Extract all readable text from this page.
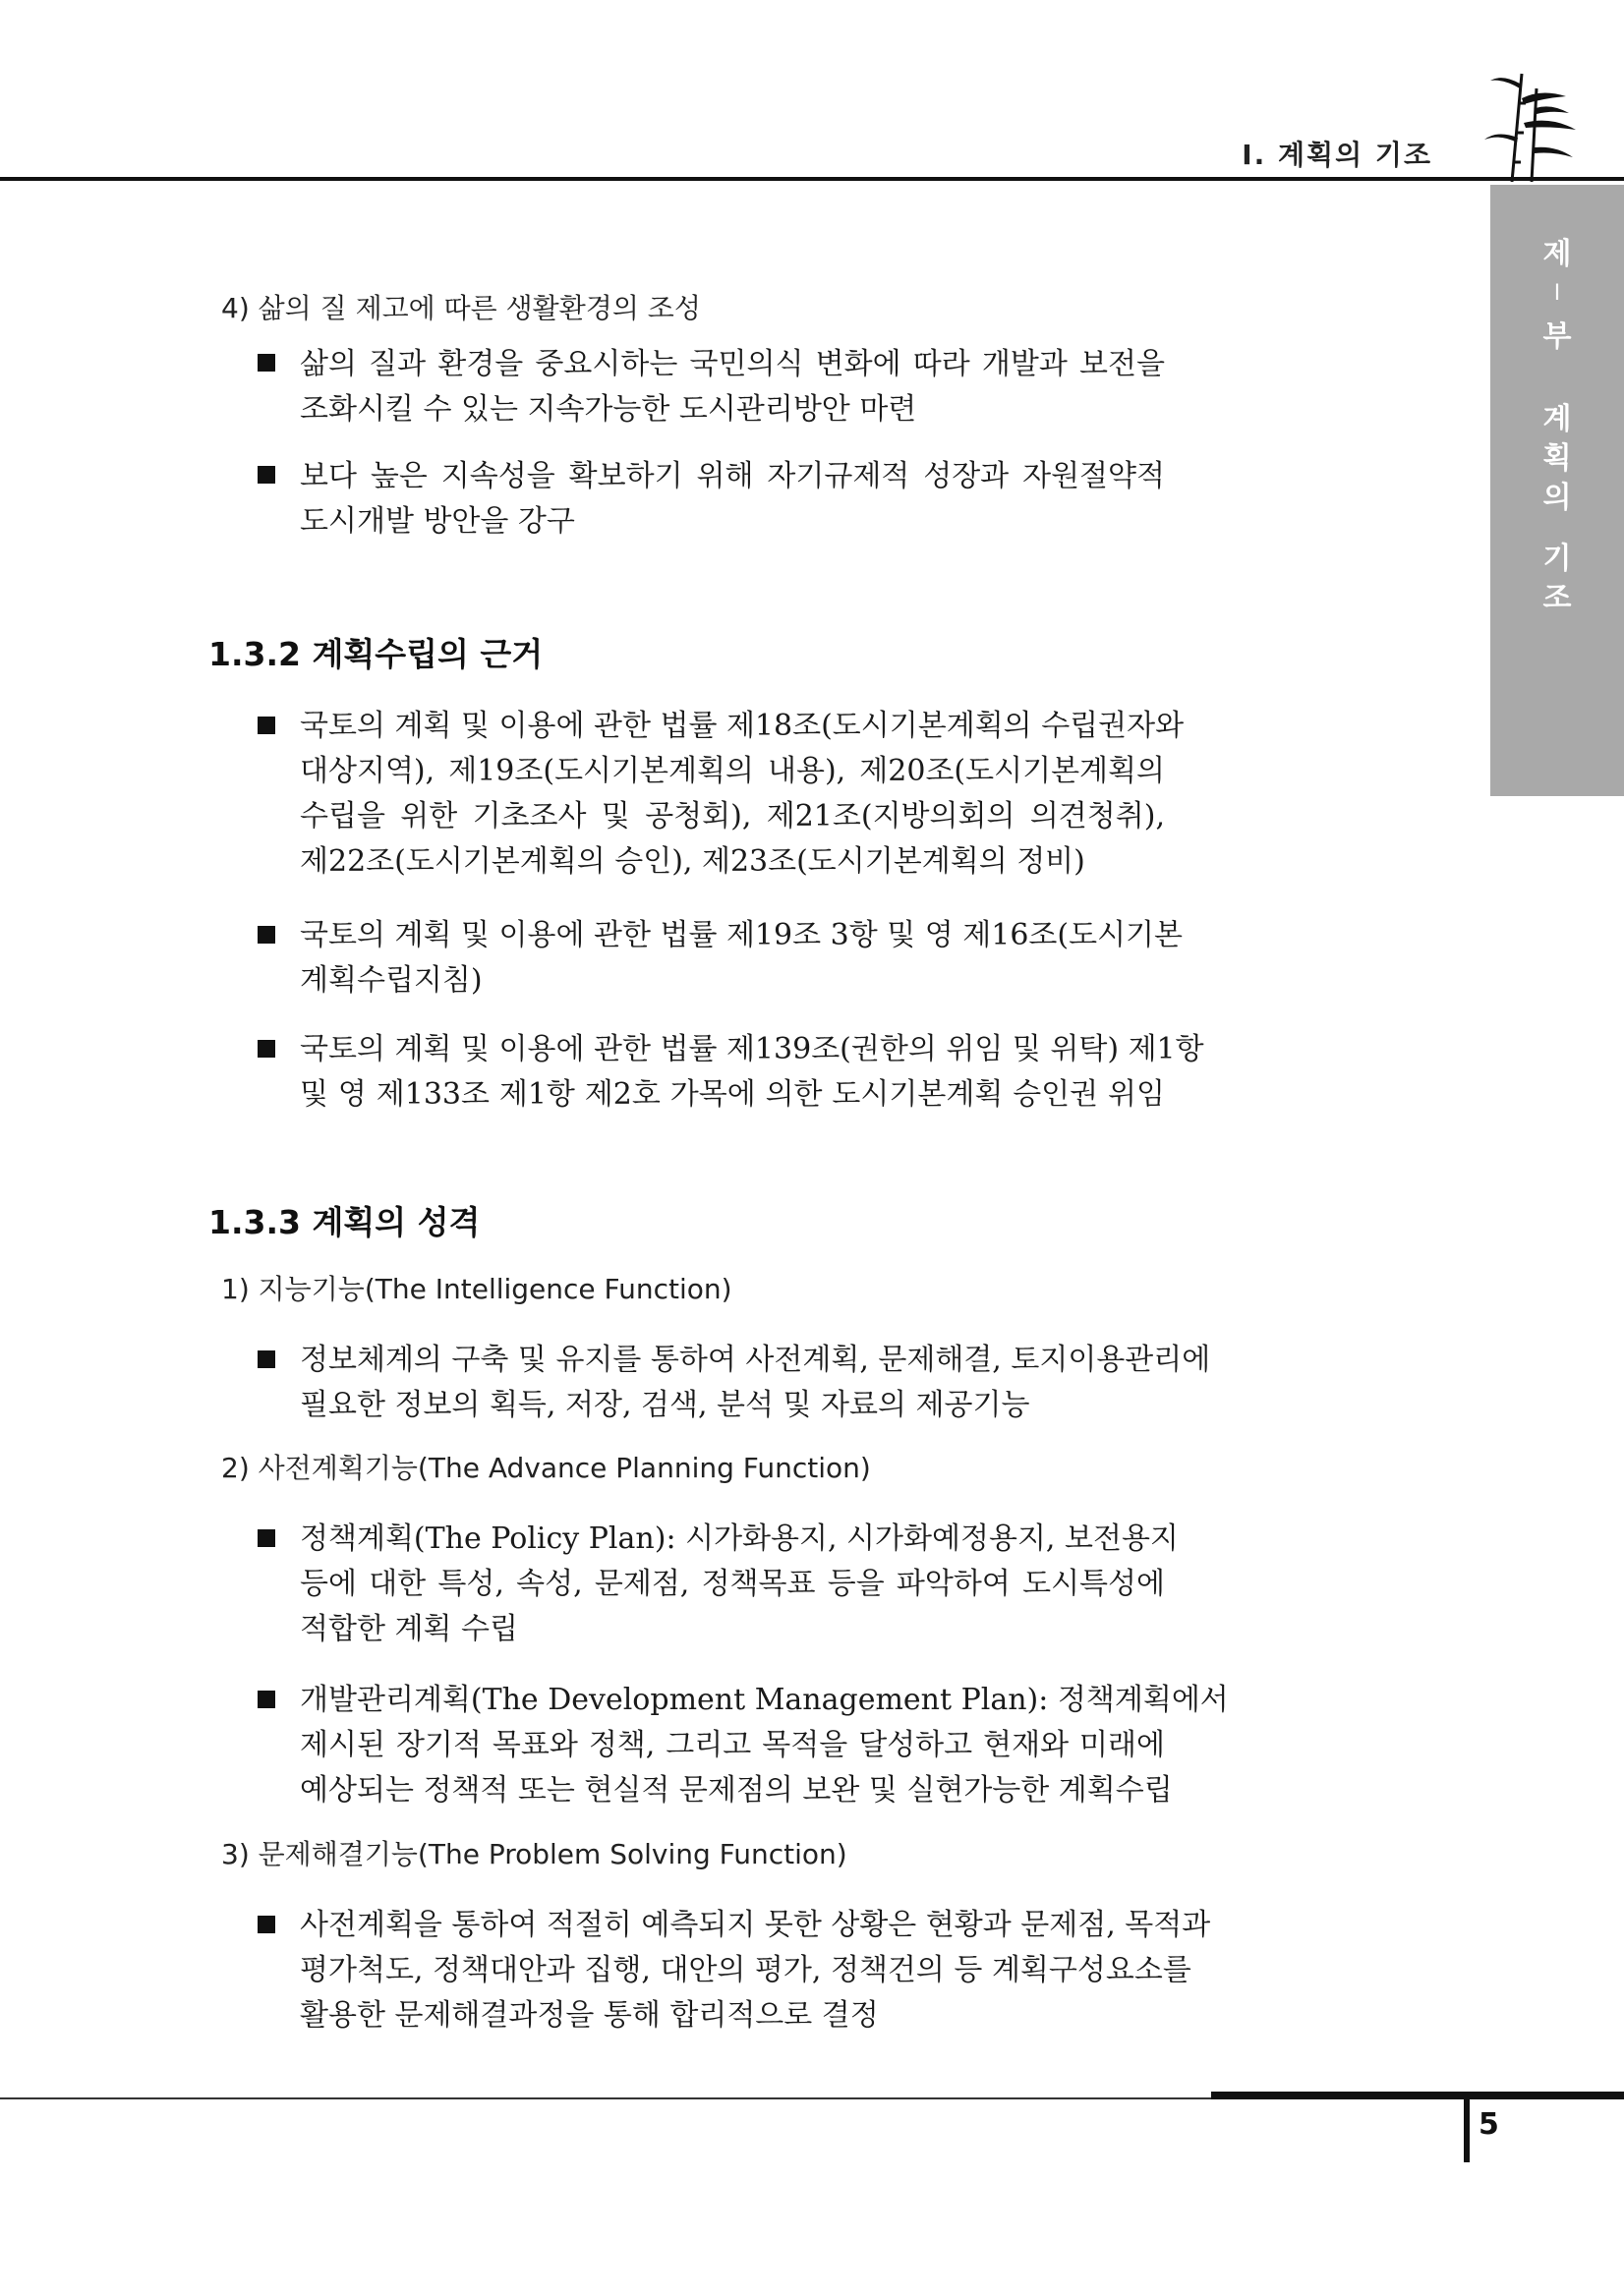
Ⅰ. 계획의 기조
제
Ⅰ
부
계
획
의
기
조
4) 삶의 질 제고에 따른 생활환경의 조성
삶의 질과 환경을 중요시하는 국민의식 변화에 따라 개발과 보전을
조화시킬 수 있는 지속가능한 도시관리방안 마련
보다 높은 지속성을 확보하기 위해 자기규제적 성장과 자원절약적
도시개발 방안을 강구
1.3.2 계획수립의 근거
국토의 계획 및 이용에 관한 법률 제18조(도시기본계획의 수립권자와
대상지역), 제19조(도시기본계획의 내용), 제20조(도시기본계획의
수립을 위한 기초조사 및 공청회), 제21조(지방의회의 의견청취),
제22조(도시기본계획의 승인), 제23조(도시기본계획의 정비)
국토의 계획 및 이용에 관한 법률 제19조 3항 및 영 제16조(도시기본
계획수립지침)
국토의 계획 및 이용에 관한 법률 제139조(권한의 위임 및 위탁) 제1항
및 영 제133조 제1항 제2호 가목에 의한 도시기본계획 승인권 위임
1.3.3 계획의 성격
1) 지능기능(The Intelligence Function)
정보체계의 구축 및 유지를 통하여 사전계획, 문제해결, 토지이용관리에
필요한 정보의 획득, 저장, 검색, 분석 및 자료의 제공기능
2) 사전계획기능(The Advance Planning Function)
정책계획(The Policy Plan): 시가화용지, 시가화예정용지, 보전용지
등에 대한 특성, 속성, 문제점, 정책목표 등을 파악하여 도시특성에
적합한 계획 수립
개발관리계획(The Development Management Plan): 정책계획에서
제시된 장기적 목표와 정책, 그리고 목적을 달성하고 현재와 미래에
예상되는 정책적 또는 현실적 문제점의 보완 및 실현가능한 계획수립
3) 문제해결기능(The Problem Solving Function)
사전계획을 통하여 적절히 예측되지 못한 상황은 현황과 문제점, 목적과
평가척도, 정책대안과 집행, 대안의 평가, 정책건의 등 계획구성요소를
활용한 문제해결과정을 통해 합리적으로 결정
5
